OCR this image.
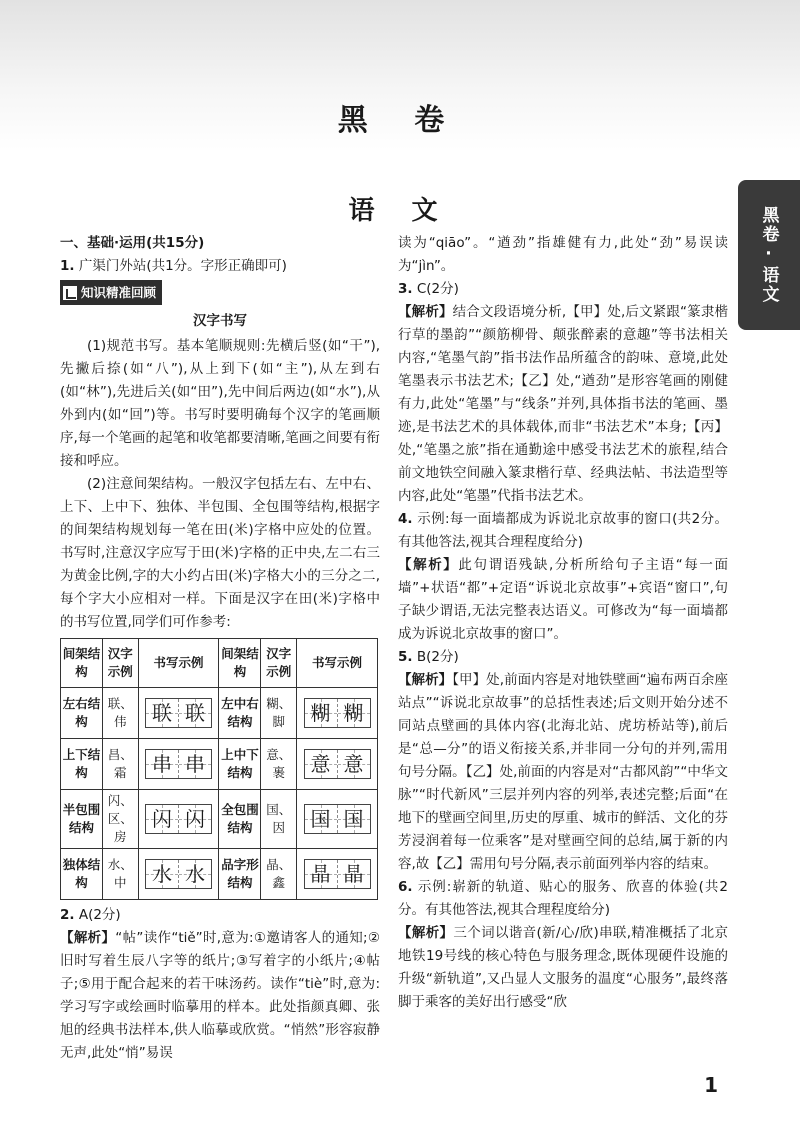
黑 卷
语 文	黑卷·语文

一、基础·运用(共15分)

1. 广渠门外站(共1分。字形正确即可)

知识精准回顾

汉字书写

(1)规范书写。基本笔顺规则:先横后竖(如“干”),先撇后捺(如“八”),从上到下(如“主”),从左到右(如“林”),先进后关(如“田”),先中间后两边(如“水”),从外到内(如“回”)等。书写时要明确每个汉字的笔画顺序,每一个笔画的起笔和收笔都要清晰,笔画之间要有衔接和呼应。

(2)注意间架结构。一般汉字包括左右、左中右、上下、上中下、独体、半包围、全包围等结构,根据字的间架结构规划每一笔在田(米)字格中应处的位置。书写时,注意汉字应写于田(米)字格的正中央,左二右三为黄金比例,字的大小约占田(米)字格大小的三分之二,每个字大小应相对一样。下面是汉字在田(米)字格中的书写位置,同学们可作参考:

间架结构	汉字示例	书写示例	间架结构	汉字示例	书写示例
左右结构	联、伟	联 联	左中右结构	糊、脚	糊 糊

上下结构	昌、霜	串 串	上中下结构	意、裹	意 意

半包围结构	闪、区、房	闪 闪	全包围结构	国、因	国 国

独体结构	水、中	水 水	品字形结构	晶、鑫	晶 晶

2. A(2分)

【解析】“帖”读作“tiě”时,意为:①邀请客人的通知;②旧时写着生辰八字等的纸片;③写着字的小纸片;④帖子;⑤用于配合起来的若干味汤药。读作“tiè”时,意为:学习写字或绘画时临摹用的样本。此处指颜真卿、张旭的经典书法样本,供人临摹或欣赏。“悄然”形容寂静无声,此处“悄”易误

读为“qiāo”。“遒劲”指雄健有力,此处“劲”易误读为“jìn”。

3. C(2分)

【解析】结合文段语境分析,【甲】处,后文紧跟“篆隶楷行草的墨韵”“颜筋柳骨、颠张醉素的意趣”等书法相关内容,“笔墨气韵”指书法作品所蕴含的韵味、意境,此处笔墨表示书法艺术;【乙】处,“遒劲”是形容笔画的刚健有力,此处“笔墨”与“线条”并列,具体指书法的笔画、墨迹,是书法艺术的具体载体,而非“书法艺术”本身;【丙】处,“笔墨之旅”指在通勤途中感受书法艺术的旅程,结合前文地铁空间融入篆隶楷行草、经典法帖、书法造型等内容,此处“笔墨”代指书法艺术。

4. 示例:每一面墙都成为诉说北京故事的窗口(共2分。有其他答法,视其合理程度给分)

【解析】此句谓语残缺,分析所给句子主语“每一面墙”+状语“都”+定语“诉说北京故事”+宾语“窗口”,句子缺少谓语,无法完整表达语义。可修改为“每一面墙都成为诉说北京故事的窗口”。

5. B(2分)

【解析】【甲】处,前面内容是对地铁壁画“遍布两百余座站点”“诉说北京故事”的总括性表述;后文则开始分述不同站点壁画的具体内容(北海北站、虎坊桥站等),前后是“总—分”的语义衔接关系,并非同一分句的并列,需用句号分隔。【乙】处,前面的内容是对“古都风韵”“中华文脉”“时代新风”三层并列内容的列举,表述完整;后面“在地下的壁画空间里,历史的厚重、城市的鲜活、文化的芬芳浸润着每一位乘客”是对壁画空间的总结,属于新的内容,故【乙】需用句号分隔,表示前面列举内容的结束。

6. 示例:崭新的轨道、贴心的服务、欣喜的体验(共2分。有其他答法,视其合理程度给分)

【解析】三个词以谐音(新/心/欣)串联,精准概括了北京地铁19号线的核心特色与服务理念,既体现硬件设施的升级“新轨道”,又凸显人文服务的温度“心服务”,最终落脚于乘客的美好出行感受“欣

1
